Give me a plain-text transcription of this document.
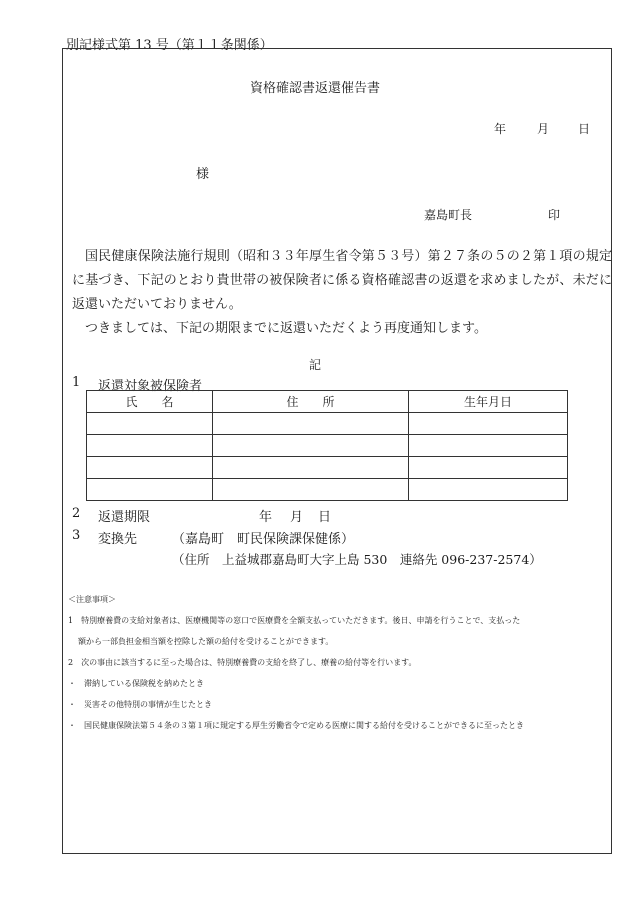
別記様式第 13 号（第１１条関係）
資格確認書返還催告書
年	月 日
様
嘉島町長	印

国民健康保険法施行規則（昭和３３年厚生省令第５３号）第２７条の５の２第１項の規定に基づき、下記のとおり貴世帯の被保険者に係る資格確認書の返還を求めましたが、未だに返還いただいておりません。

つきましては、下記の期限までに返還いただくよう再度通知します。

記
1 返還対象被保険者
氏　　名	住　　所	生年月日

2 返還期限	年 月 日
3 変換先	（嘉島町　町民保険課保健係）
（住所　上益城郡嘉島町大字上島 530　連絡先 096-237-2574）
＜注意事項＞
1　特別療養費の支給対象者は、医療機関等の窓口で医療費を全額支払っていただきます。後日、申請を行うことで、支払った
額から一部負担金相当額を控除した額の給付を受けることができます。
2　次の事由に該当するに至った場合は、特別療養費の支給を終了し、療養の給付等を行います。
・　滞納している保険税を納めたとき
・　災害その他特別の事情が生じたとき
・　国民健康保険法第５４条の３第１項に規定する厚生労働省令で定める医療に関する給付を受けることができるに至ったとき
